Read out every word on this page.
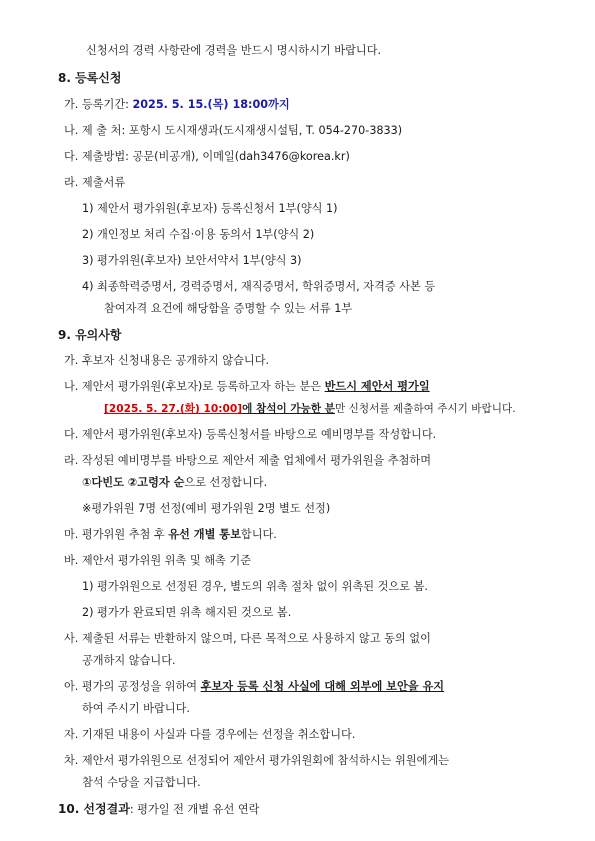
신청서의 경력 사항란에 경력을 반드시 명시하시기 바랍니다.
8. 등록신청
가. 등록기간: 2025. 5. 15.(목) 18:00까지
나. 제 출 처: 포항시 도시재생과(도시재생시설팀, T. 054-270-3833)
다. 제출방법: 공문(비공개), 이메일(dah3476@korea.kr)
라. 제출서류
1) 제안서 평가위원(후보자) 등록신청서 1부(양식 1)
2) 개인정보 처리 수집·이용 동의서 1부(양식 2)
3) 평가위원(후보자) 보안서약서 1부(양식 3)
4) 최종학력증명서, 경력증명서, 재직증명서, 학위증명서, 자격증 사본 등
참여자격 요건에 해당함을 증명할 수 있는 서류 1부
9. 유의사항
가. 후보자 신청내용은 공개하지 않습니다.
나. 제안서 평가위원(후보자)로 등록하고자 하는 분은 반드시 제안서 평가일
[2025. 5. 27.(화) 10:00]에 참석이 가능한 분만 신청서를 제출하여 주시기 바랍니다.
다. 제안서 평가위원(후보자) 등록신청서를 바탕으로 예비명부를 작성합니다.
라. 작성된 예비명부를 바탕으로 제안서 제출 업체에서 평가위원을 추첨하며
①다빈도 ②고령자 순으로 선정합니다.
※평가위원 7명 선정(예비 평가위원 2명 별도 선정)
마. 평가위원 추첨 후 유선 개별 통보합니다.
바. 제안서 평가위원 위촉 및 해촉 기준
1) 평가위원으로 선정된 경우, 별도의 위촉 절차 없이 위촉된 것으로 봄.
2) 평가가 완료되면 위촉 해지된 것으로 봄.
사. 제출된 서류는 반환하지 않으며, 다른 목적으로 사용하지 않고 동의 없이
공개하지 않습니다.
아. 평가의 공정성을 위하여 후보자 등록 신청 사실에 대해 외부에 보안을 유지
하여 주시기 바랍니다.
자. 기재된 내용이 사실과 다를 경우에는 선정을 취소합니다.
차. 제안서 평가위원으로 선정되어 제안서 평가위원회에 참석하시는 위원에게는
참석 수당을 지급합니다.
10. 선정결과: 평가일 전 개별 유선 연락
